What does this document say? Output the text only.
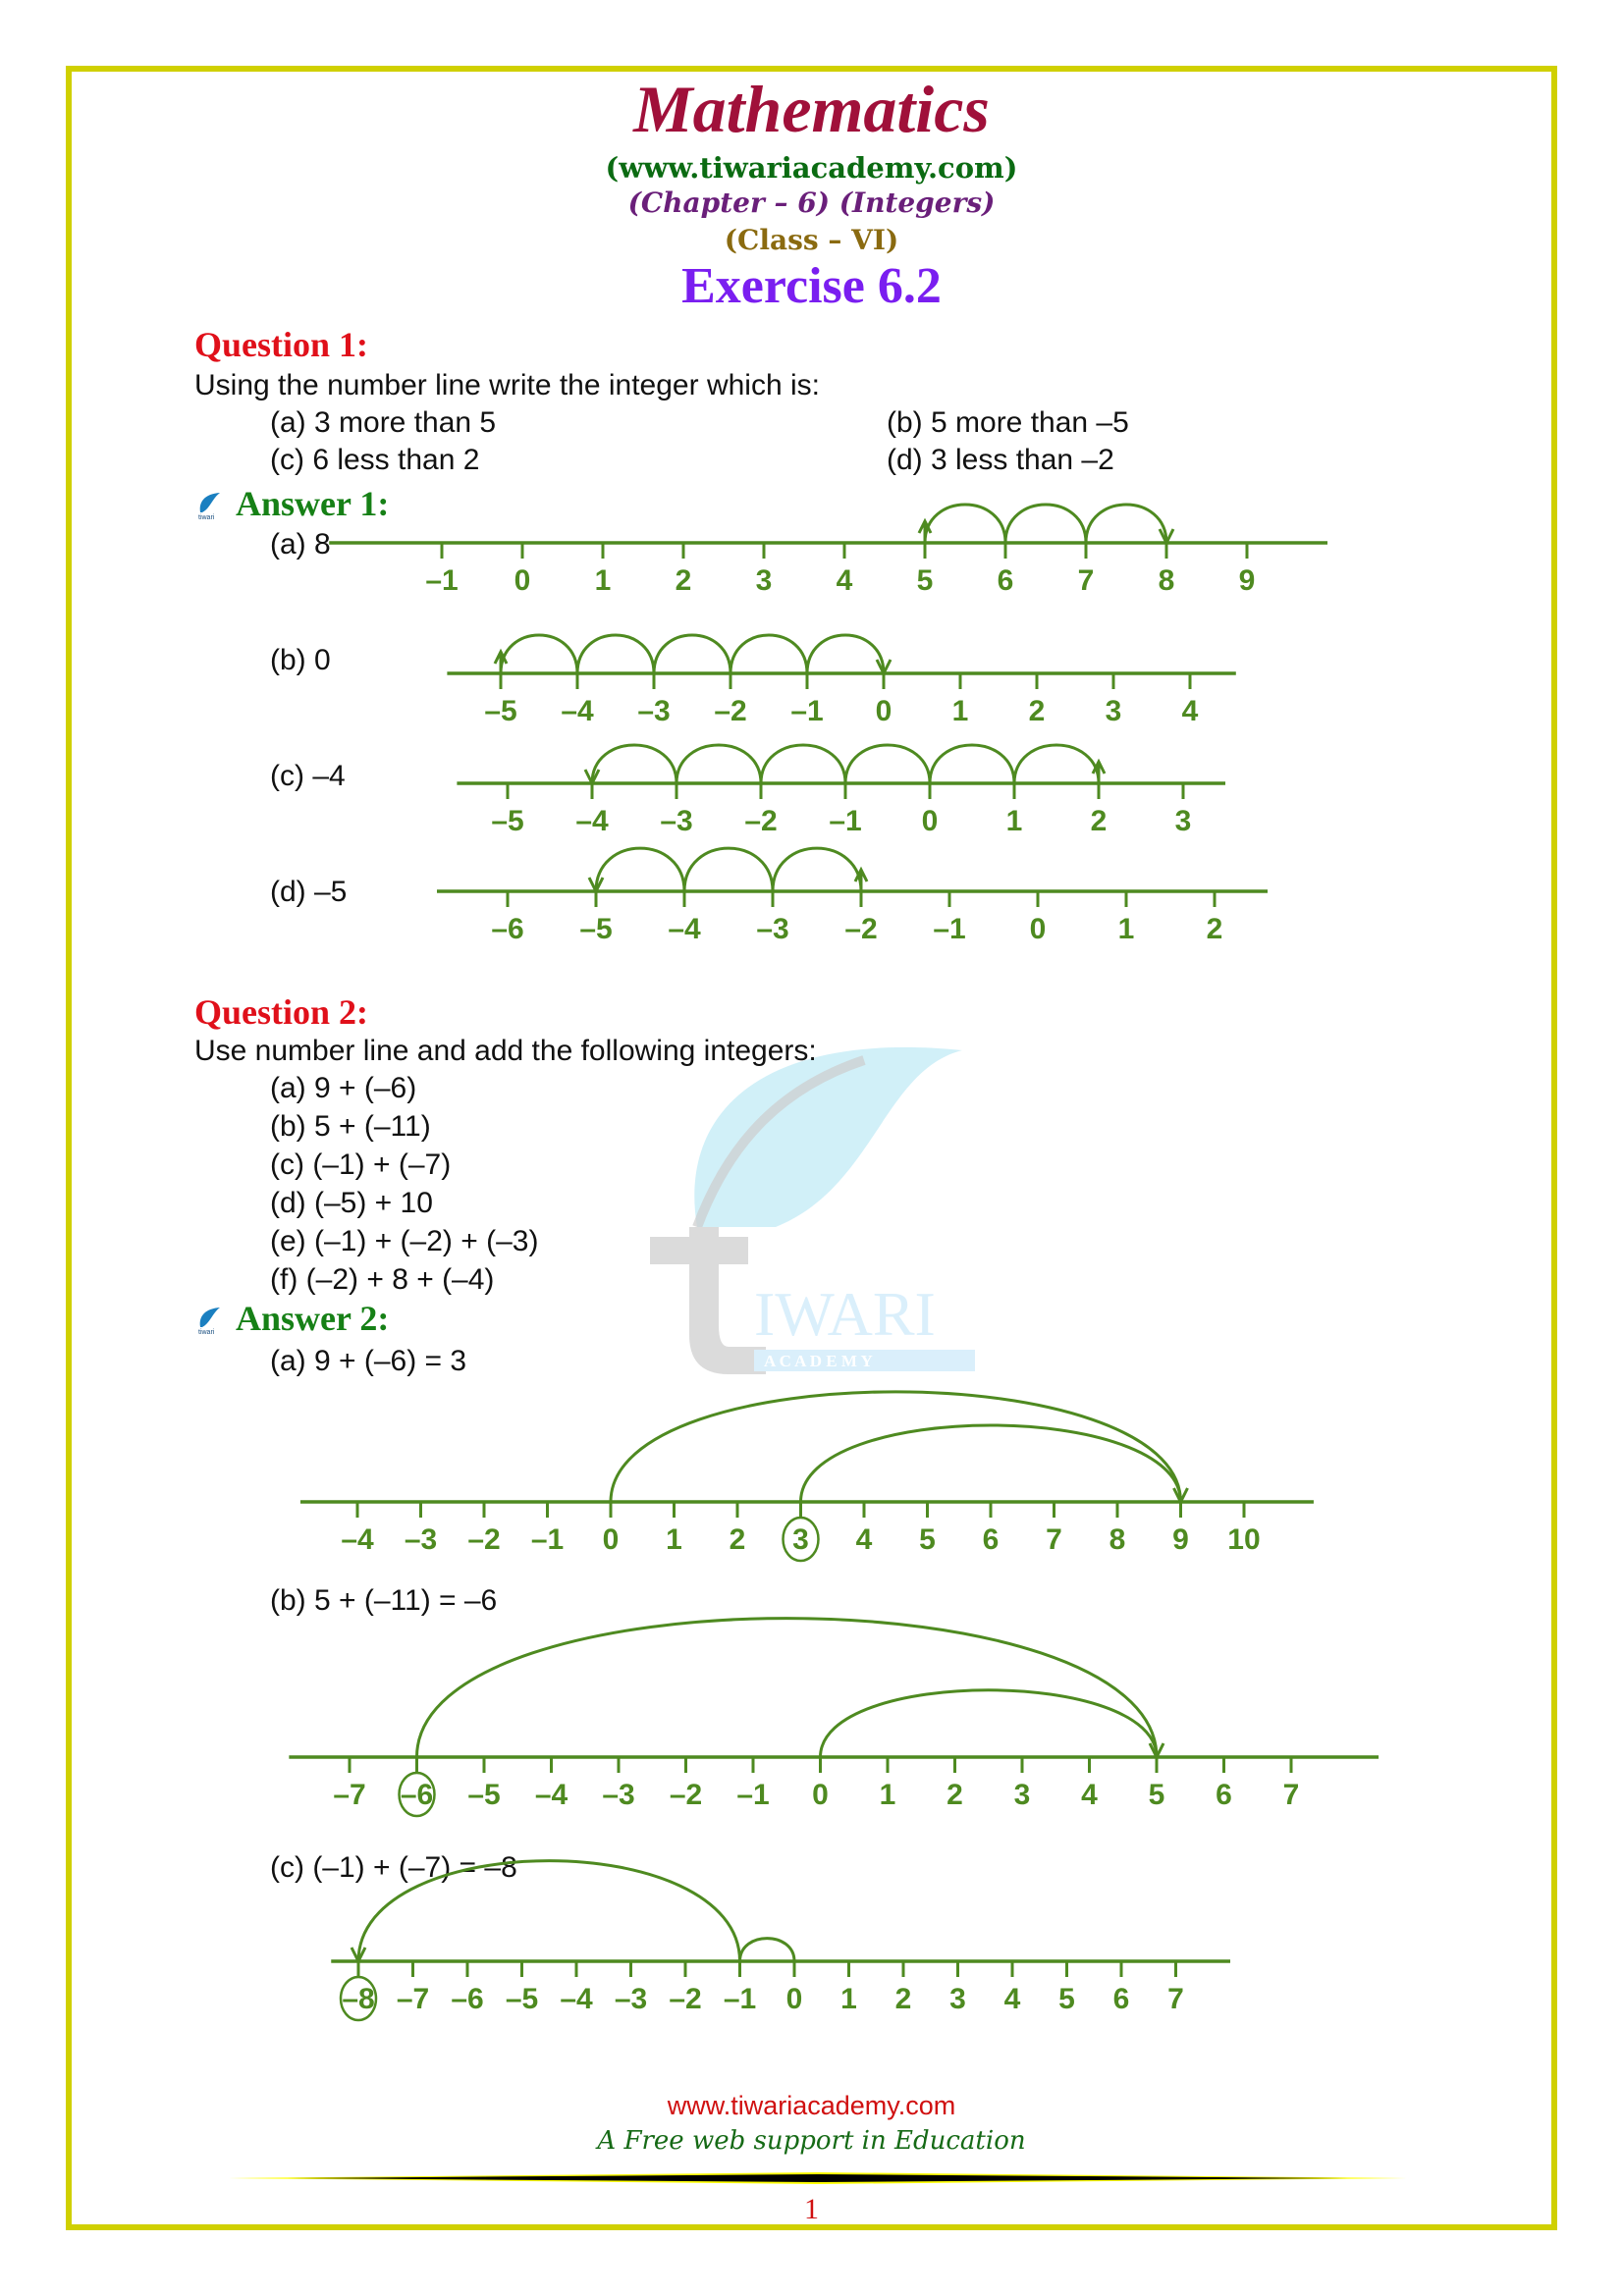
Mathematics
(www.tiwariacademy.com)
(Chapter – 6) (Integers)
(Class – VI)
Exercise 6.2
IWARI
A C A D E M Y
Question 1:
Using the number line write the integer which is:
(a) 3 more than 5	(b) 5 more than –5
(c) 6 less than 2	(d) 3 less than –2
tiwari Answer 1:
(a) 8
(b) 0
(c) –4
(d) –5
–1 0 1 2 3 4 5 6 7 8 9
–5 –4 –3 –2 –1 0 1 2 3 4
–5 –4 –3 –2 –1 0 1 2 3
–6 –5 –4 –3 –2 –1 0 1 2
Question 2:
Use number line and add the following integers:
(a) 9 + (–6)
(b) 5 + (–11)
(c) (–1) + (–7)
(d) (–5) + 10
(e) (–1) + (–2) + (–3)
(f) (–2) + 8 + (–4)
tiwari Answer 2:
(a) 9 + (–6) = 3
(b) 5 + (–11) = –6
(c) (–1) + (–7) = –8
–4 –3 –2 –1 0 1 2 3 4 5 6 7 8 9 10
–7 –6 –5 –4 –3 –2 –1 0 1 2 3 4 5 6 7
–8 –7 –6 –5 –4 –3 –2 –1 0 1 2 3 4 5 6 7
www.tiwariacademy.com
A Free web support in Education
1
